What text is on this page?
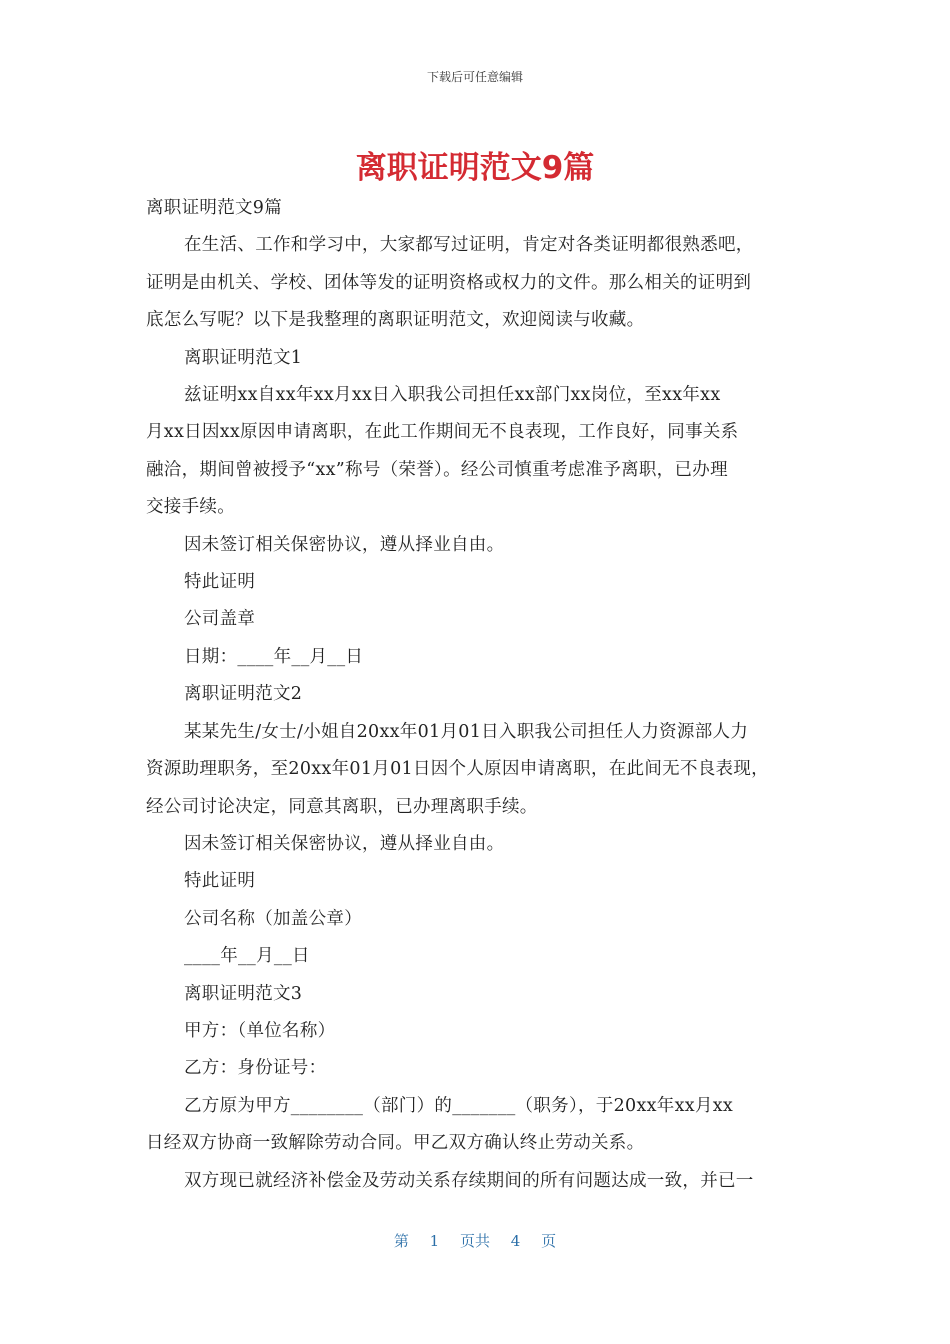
下载后可任意编辑
离职证明范文9篇

离职证明范文9篇

在生活、工作和学习中，大家都写过证明，肯定对各类证明都很熟悉吧，

证明是由机关、学校、团体等发的证明资格或权力的文件。那么相关的证明到

底怎么写呢？以下是我整理的离职证明范文，欢迎阅读与收藏。

离职证明范文1

兹证明xx自xx年xx月xx日入职我公司担任xx部门xx岗位，至xx年xx

月xx日因xx原因申请离职，在此工作期间无不良表现，工作良好，同事关系

融洽，期间曾被授予“xx”称号（荣誉）。经公司慎重考虑准予离职，已办理

交接手续。

因未签订相关保密协议，遵从择业自由。

特此证明

公司盖章

日期：____年__月__日

离职证明范文2

某某先生/女士/小姐自20xx年01月01日入职我公司担任人力资源部人力

资源助理职务，至20xx年01月01日因个人原因申请离职，在此间无不良表现，

经公司讨论决定，同意其离职，已办理离职手续。

因未签订相关保密协议，遵从择业自由。

特此证明

公司名称（加盖公章）

____年__月__日

离职证明范文3

甲方：（单位名称）

乙方：身份证号：

乙方原为甲方________（部门）的_______（职务），于20xx年xx月xx

日经双方协商一致解除劳动合同。甲乙双方确认终止劳动关系。

双方现已就经济补偿金及劳动关系存续期间的所有问题达成一致，并已一

第 1 页共 4 页
